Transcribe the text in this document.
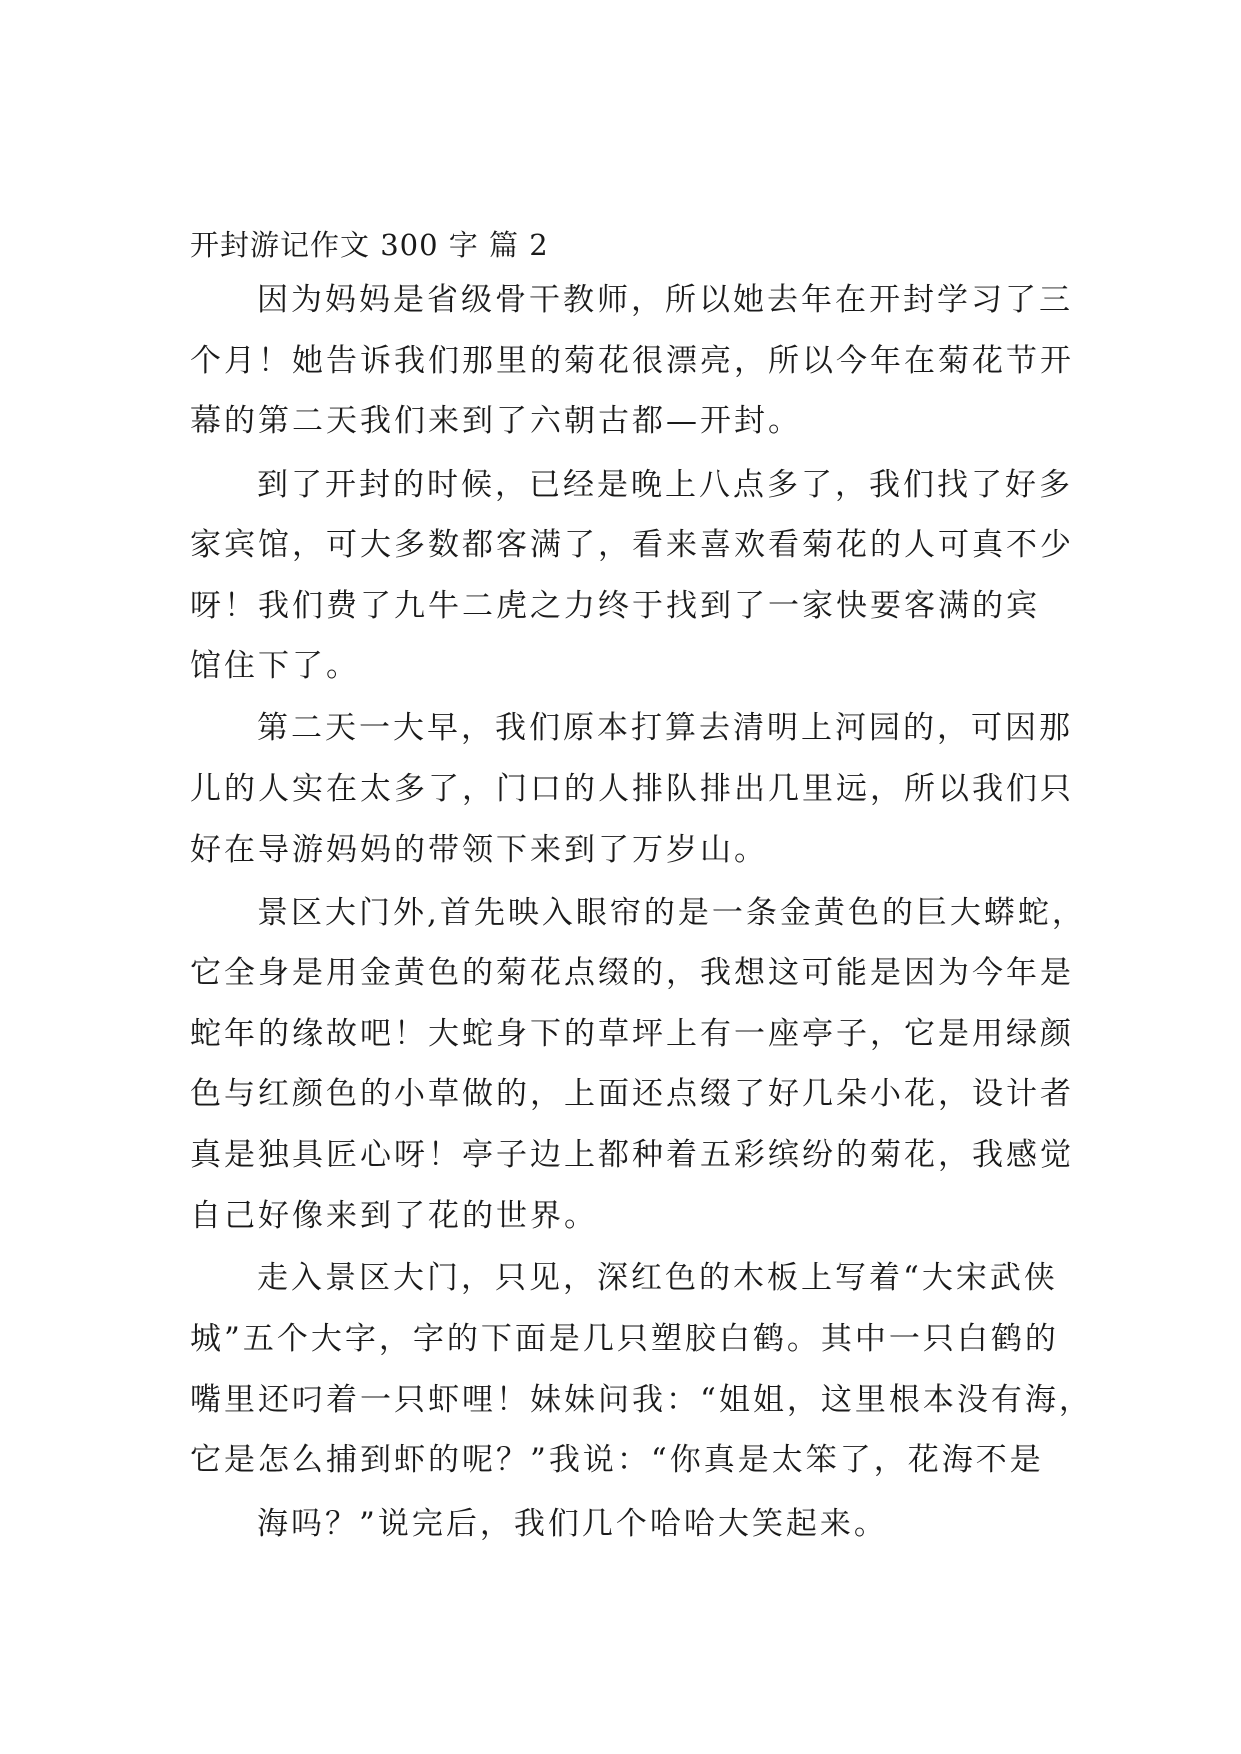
开封游记作文 300 字 篇 2
因为妈妈是省级骨干教师，所以她去年在开封学习了三
个月！她告诉我们那里的菊花很漂亮，所以今年在菊花节开
幕的第二天我们来到了六朝古都—开封。
到了开封的时候，已经是晚上八点多了，我们找了好多
家宾馆，可大多数都客满了，看来喜欢看菊花的人可真不少
呀！我们费了九牛二虎之力终于找到了一家快要客满的宾
馆住下了。
第二天一大早，我们原本打算去清明上河园的，可因那
儿的人实在太多了，门口的人排队排出几里远，所以我们只
好在导游妈妈的带领下来到了万岁山。
景区大门外,首先映入眼帘的是一条金黄色的巨大蟒蛇，
它全身是用金黄色的菊花点缀的，我想这可能是因为今年是
蛇年的缘故吧！大蛇身下的草坪上有一座亭子，它是用绿颜
色与红颜色的小草做的，上面还点缀了好几朵小花，设计者
真是独具匠心呀！亭子边上都种着五彩缤纷的菊花，我感觉
自己好像来到了花的世界。
走入景区大门，只见，深红色的木板上写着“大宋武侠
城”五个大字，字的下面是几只塑胶白鹤。其中一只白鹤的
嘴里还叼着一只虾哩！妹妹问我：“姐姐，这里根本没有海，
它是怎么捕到虾的呢？”我说：“你真是太笨了，花海不是
海吗？”说完后，我们几个哈哈大笑起来。
